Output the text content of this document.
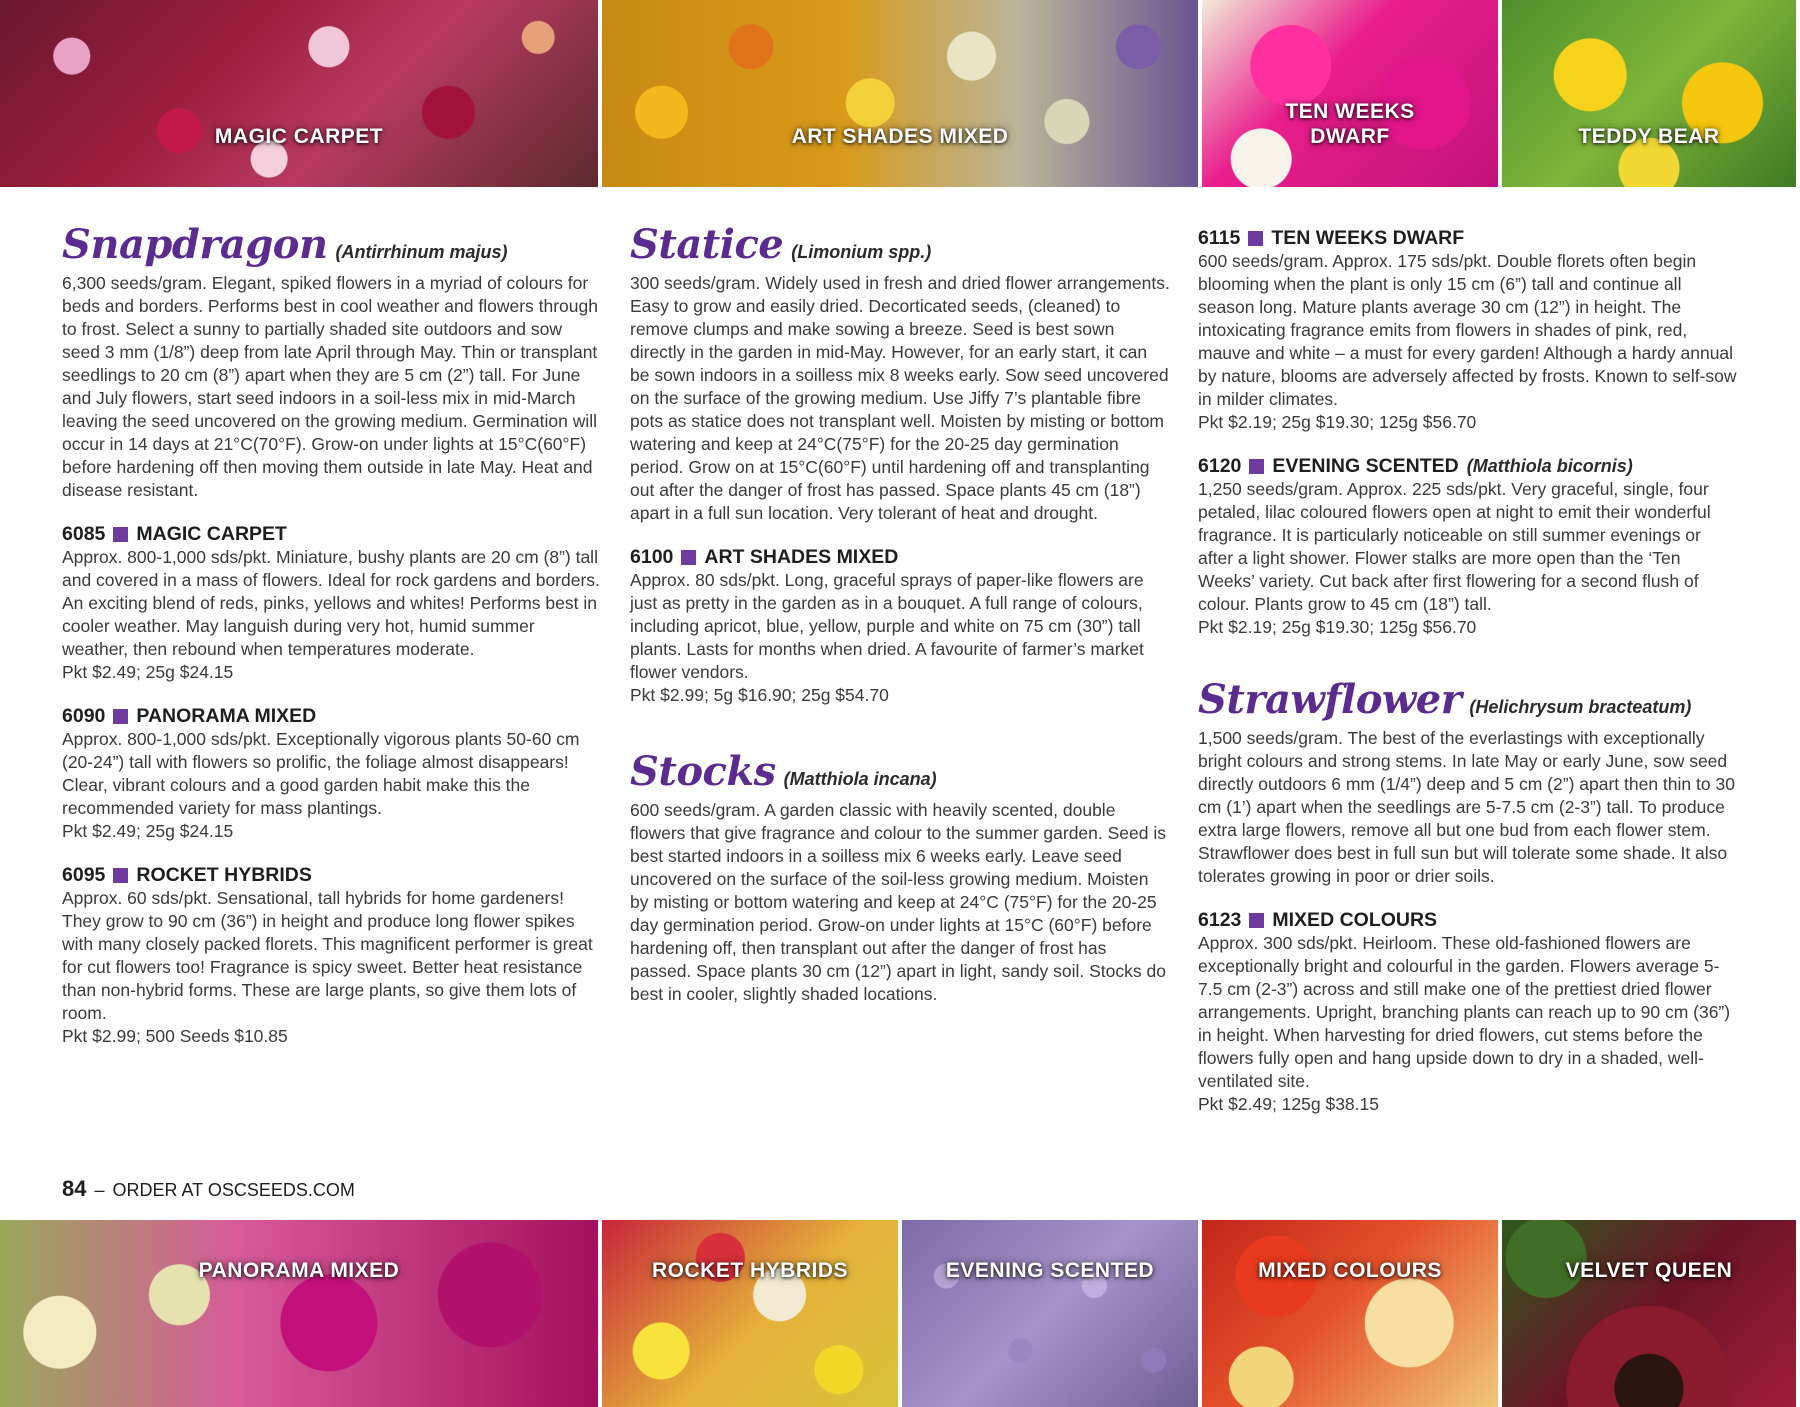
MAGIC CARPET	ART SHADES MIXED
TEN WEEKS
DWARF	TEDDY BEAR
Snapdragon (Antirrhinum majus)

6,300 seeds/gram. Elegant, spiked flowers in a myriad of colours for beds and borders. Performs best in cool weather and flowers through to frost. Select a sunny to partially shaded site outdoors and sow seed 3 mm (1/8”) deep from late April through May. Thin or transplant seedlings to 20 cm (8”) apart when they are 5 cm (2”) tall. For June and July flowers, start seed indoors in a soil-less mix in mid-March leaving the seed uncovered on the growing medium. Germination will occur in 14 days at 21°C(70°F). Grow-on under lights at 15°C(60°F) before hardening off then moving them outside in late May. Heat and disease resistant.

6085 MAGIC CARPET

Approx. 800-1,000 sds/pkt. Miniature, bushy plants are 20 cm (8”) tall and covered in a mass of flowers. Ideal for rock gardens and borders. An exciting blend of reds, pinks, yellows and whites! Performs best in cooler weather. May languish during very hot, humid summer weather, then rebound when temperatures moderate.

Pkt $2.49; 25g $24.15

6090 PANORAMA MIXED

Approx. 800-1,000 sds/pkt. Exceptionally vigorous plants 50-60 cm (20-24”) tall with flowers so prolific, the foliage almost disappears! Clear, vibrant colours and a good garden habit make this the recommended variety for mass plantings.

Pkt $2.49; 25g $24.15

6095 ROCKET HYBRIDS

Approx. 60 sds/pkt. Sensational, tall hybrids for home gardeners! They grow to 90 cm (36”) in height and produce long flower spikes with many closely packed florets. This magnificent performer is great for cut flowers too! Fragrance is spicy sweet. Better heat resistance than non-hybrid forms. These are large plants, so give them lots of room.

Pkt $2.99; 500 Seeds $10.85

Statice (Limonium spp.)

300 seeds/gram. Widely used in fresh and dried flower arrangements. Easy to grow and easily dried. Decorticated seeds, (cleaned) to remove clumps and make sowing a breeze. Seed is best sown directly in the garden in mid-May. However, for an early start, it can be sown indoors in a soilless mix 8 weeks early. Sow seed uncovered on the surface of the growing medium. Use Jiffy 7’s plantable fibre pots as statice does not transplant well. Moisten by misting or bottom watering and keep at 24°C(75°F) for the 20-25 day germination period. Grow on at 15°C(60°F) until hardening off and transplanting out after the danger of frost has passed. Space plants 45 cm (18”) apart in a full sun location. Very tolerant of heat and drought.

6100 ART SHADES MIXED

Approx. 80 sds/pkt. Long, graceful sprays of paper-like flowers are just as pretty in the garden as in a bouquet. A full range of colours, including apricot, blue, yellow, purple and white on 75 cm (30”) tall plants. Lasts for months when dried. A favourite of farmer’s market flower vendors.

Pkt $2.99; 5g $16.90; 25g $54.70

Stocks (Matthiola incana)

600 seeds/gram. A garden classic with heavily scented, double flowers that give fragrance and colour to the summer garden. Seed is best started indoors in a soilless mix 6 weeks early. Leave seed uncovered on the surface of the soil-less growing medium. Moisten by misting or bottom watering and keep at 24°C (75°F) for the 20-25 day germination period. Grow-on under lights at 15°C (60°F) before hardening off, then transplant out after the danger of frost has passed. Space plants 30 cm (12”) apart in light, sandy soil. Stocks do best in cooler, slightly shaded locations.

6115 TEN WEEKS DWARF

600 seeds/gram. Approx. 175 sds/pkt. Double florets often begin blooming when the plant is only 15 cm (6”) tall and continue all season long. Mature plants average 30 cm (12”) in height. The intoxicating fragrance emits from flowers in shades of pink, red, mauve and white – a must for every garden! Although a hardy annual by nature, blooms are adversely affected by frosts. Known to self-sow in milder climates.

Pkt $2.19; 25g $19.30; 125g $56.70

6120 EVENING SCENTED (Matthiola bicornis)

1,250 seeds/gram. Approx. 225 sds/pkt. Very graceful, single, four petaled, lilac coloured flowers open at night to emit their wonderful fragrance. It is particularly noticeable on still summer evenings or after a light shower. Flower stalks are more open than the ‘Ten Weeks’ variety. Cut back after first flowering for a second flush of colour. Plants grow to 45 cm (18”) tall.

Pkt $2.19; 25g $19.30; 125g $56.70

Strawflower (Helichrysum bracteatum)

1,500 seeds/gram. The best of the everlastings with exceptionally bright colours and strong stems. In late May or early June, sow seed directly outdoors 6 mm (1/4”) deep and 5 cm (2”) apart then thin to 30 cm (1’) apart when the seedlings are 5-7.5 cm (2-3”) tall. To produce extra large flowers, remove all but one bud from each flower stem. Strawflower does best in full sun but will tolerate some shade. It also tolerates growing in poor or drier soils.

6123 MIXED COLOURS

Approx. 300 sds/pkt. Heirloom. These old-fashioned flowers are exceptionally bright and colourful in the garden. Flowers average 5-7.5 cm (2-3”) across and still make one of the prettiest dried flower arrangements. Upright, branching plants can reach up to 90 cm (36”) in height. When harvesting for dried flowers, cut stems before the flowers fully open and hang upside down to dry in a shaded, well-ventilated site.

Pkt $2.49; 125g $38.15

84 – ORDER AT OSCSEEDS.COM
PANORAMA MIXED	ROCKET HYBRIDS	EVENING SCENTED	MIXED COLOURS	VELVET QUEEN
